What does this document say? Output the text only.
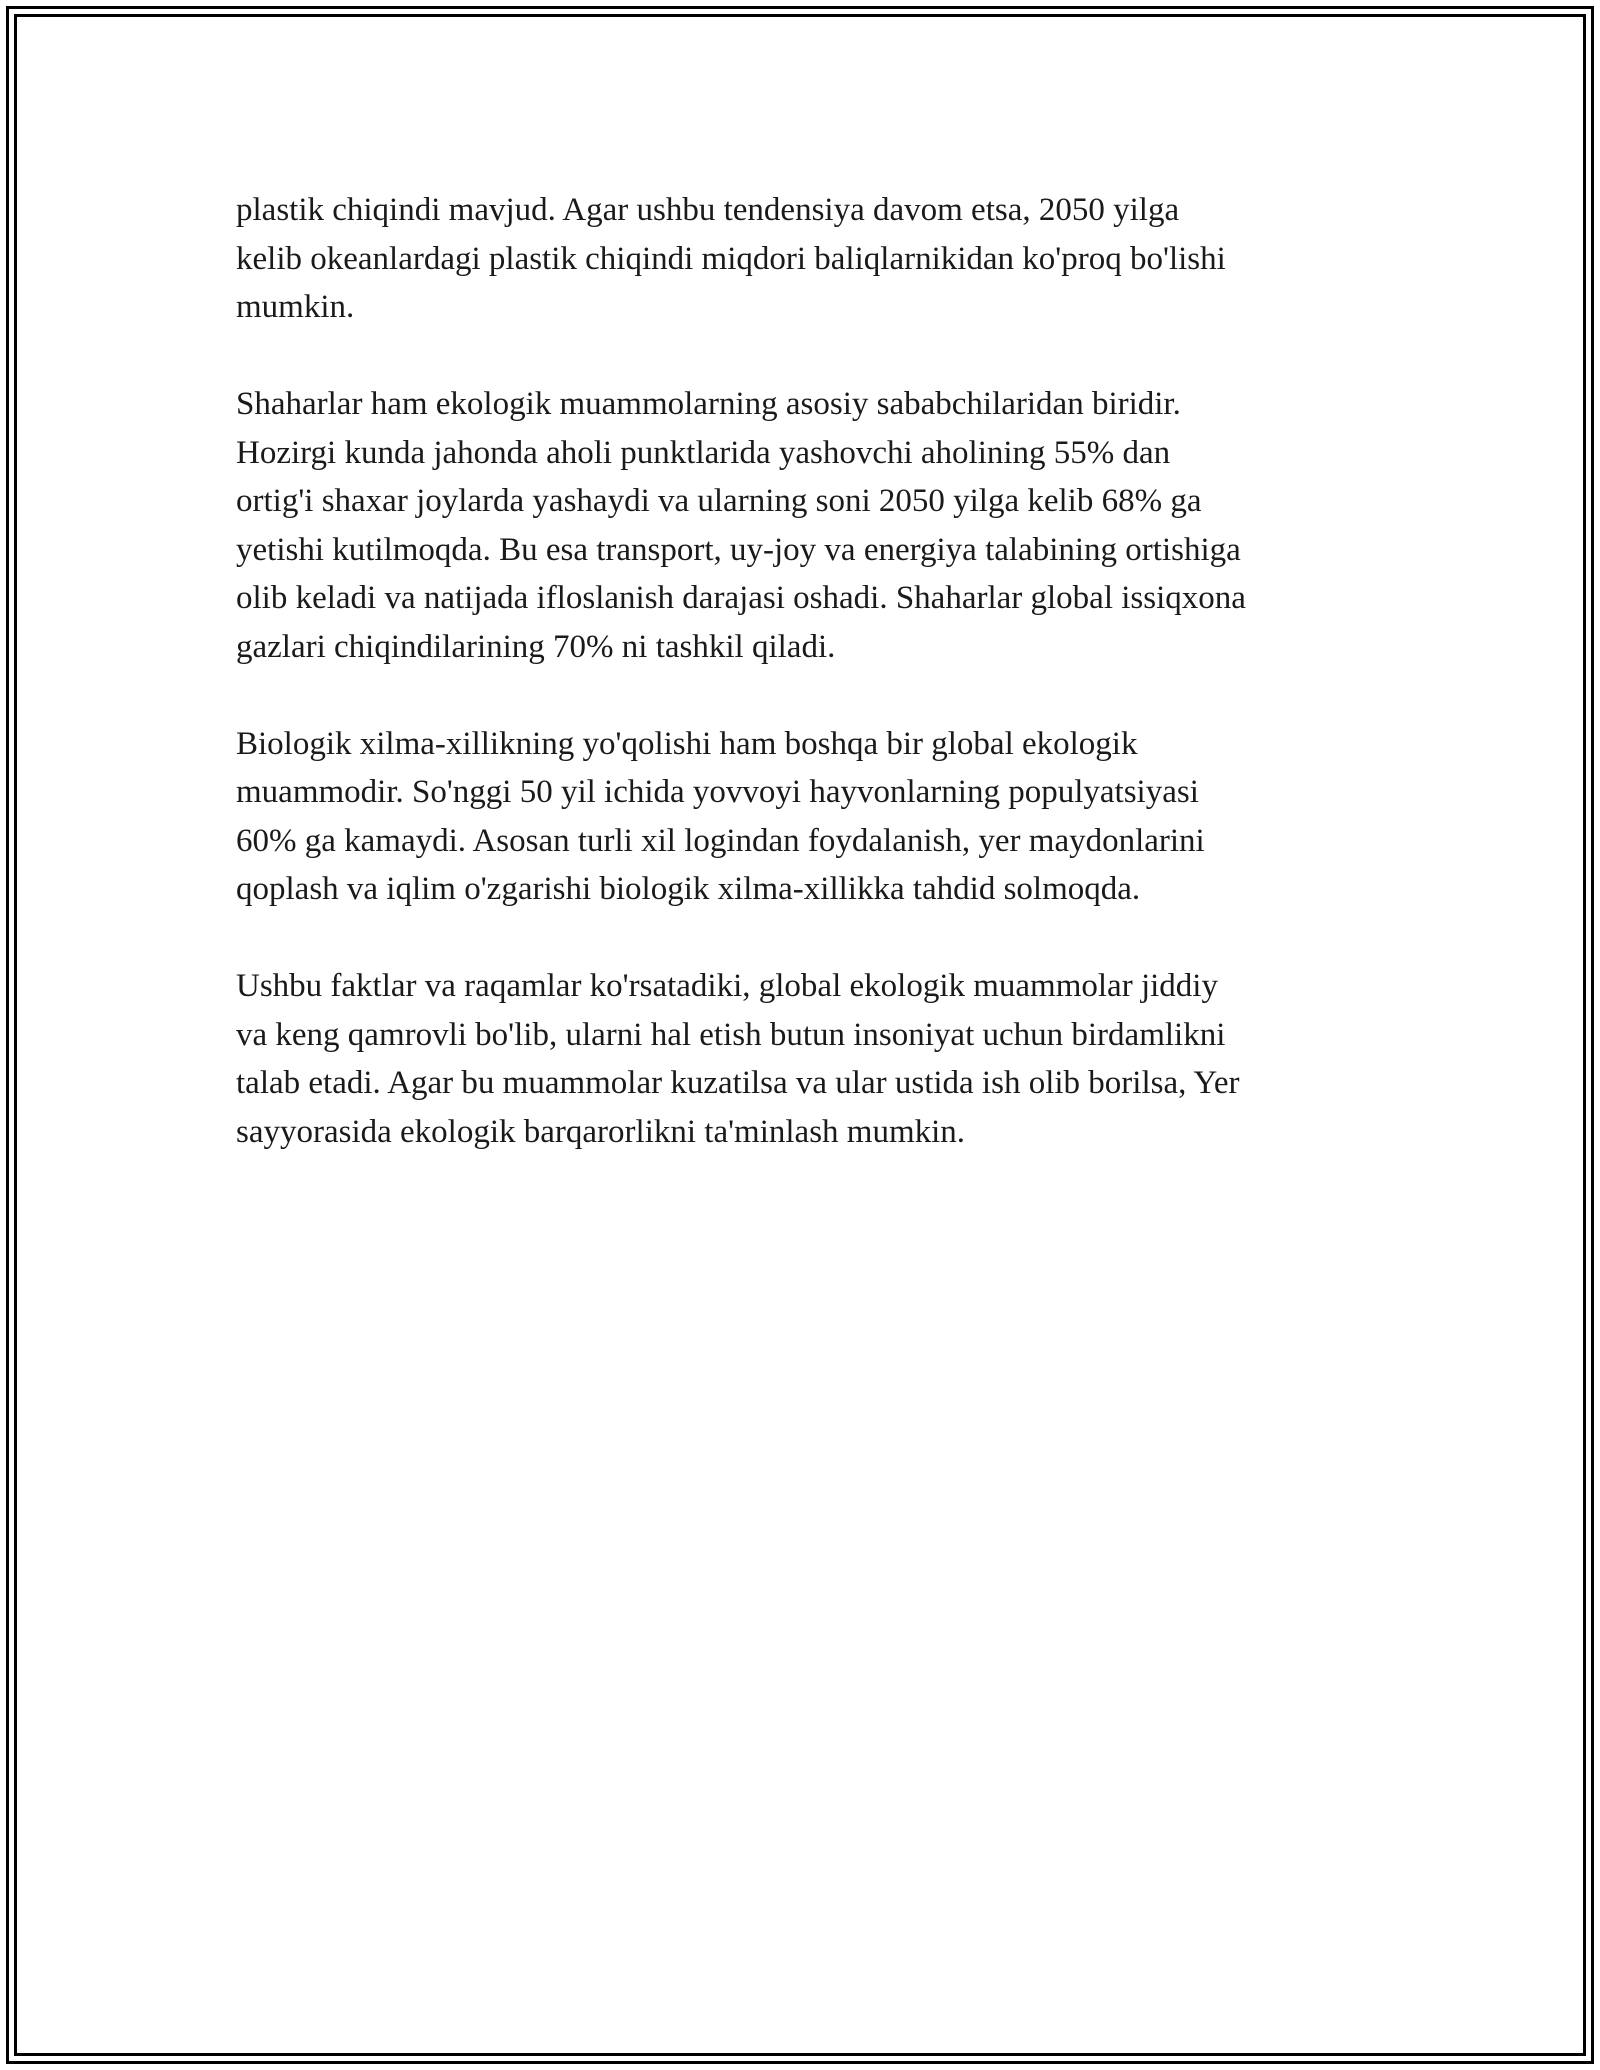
plastik chiqindi mavjud. Agar ushbu tendensiya davom etsa, 2050 yilga
kelib okeanlardagi plastik chiqindi miqdori baliqlarnikidan ko'proq bo'lishi
mumkin.

Shaharlar ham ekologik muammolarning asosiy sababchilaridan biridir.
Hozirgi kunda jahonda aholi punktlarida yashovchi aholining 55% dan
ortig'i shaxar joylarda yashaydi va ularning soni 2050 yilga kelib 68% ga
yetishi kutilmoqda. Bu esa transport, uy-joy va energiya talabining ortishiga
olib keladi va natijada ifloslanish darajasi oshadi. Shaharlar global issiqxona
gazlari chiqindilarining 70% ni tashkil qiladi.

Biologik xilma-xillikning yo'qolishi ham boshqa bir global ekologik
muammodir. So'nggi 50 yil ichida yovvoyi hayvonlarning populyatsiyasi
60% ga kamaydi. Asosan turli xil logindan foydalanish, yer maydonlarini
qoplash va iqlim o'zgarishi biologik xilma-xillikka tahdid solmoqda.

Ushbu faktlar va raqamlar ko'rsatadiki, global ekologik muammolar jiddiy
va keng qamrovli bo'lib, ularni hal etish butun insoniyat uchun birdamlikni
talab etadi. Agar bu muammolar kuzatilsa va ular ustida ish olib borilsa, Yer
sayyorasida ekologik barqarorlikni ta'minlash mumkin.
